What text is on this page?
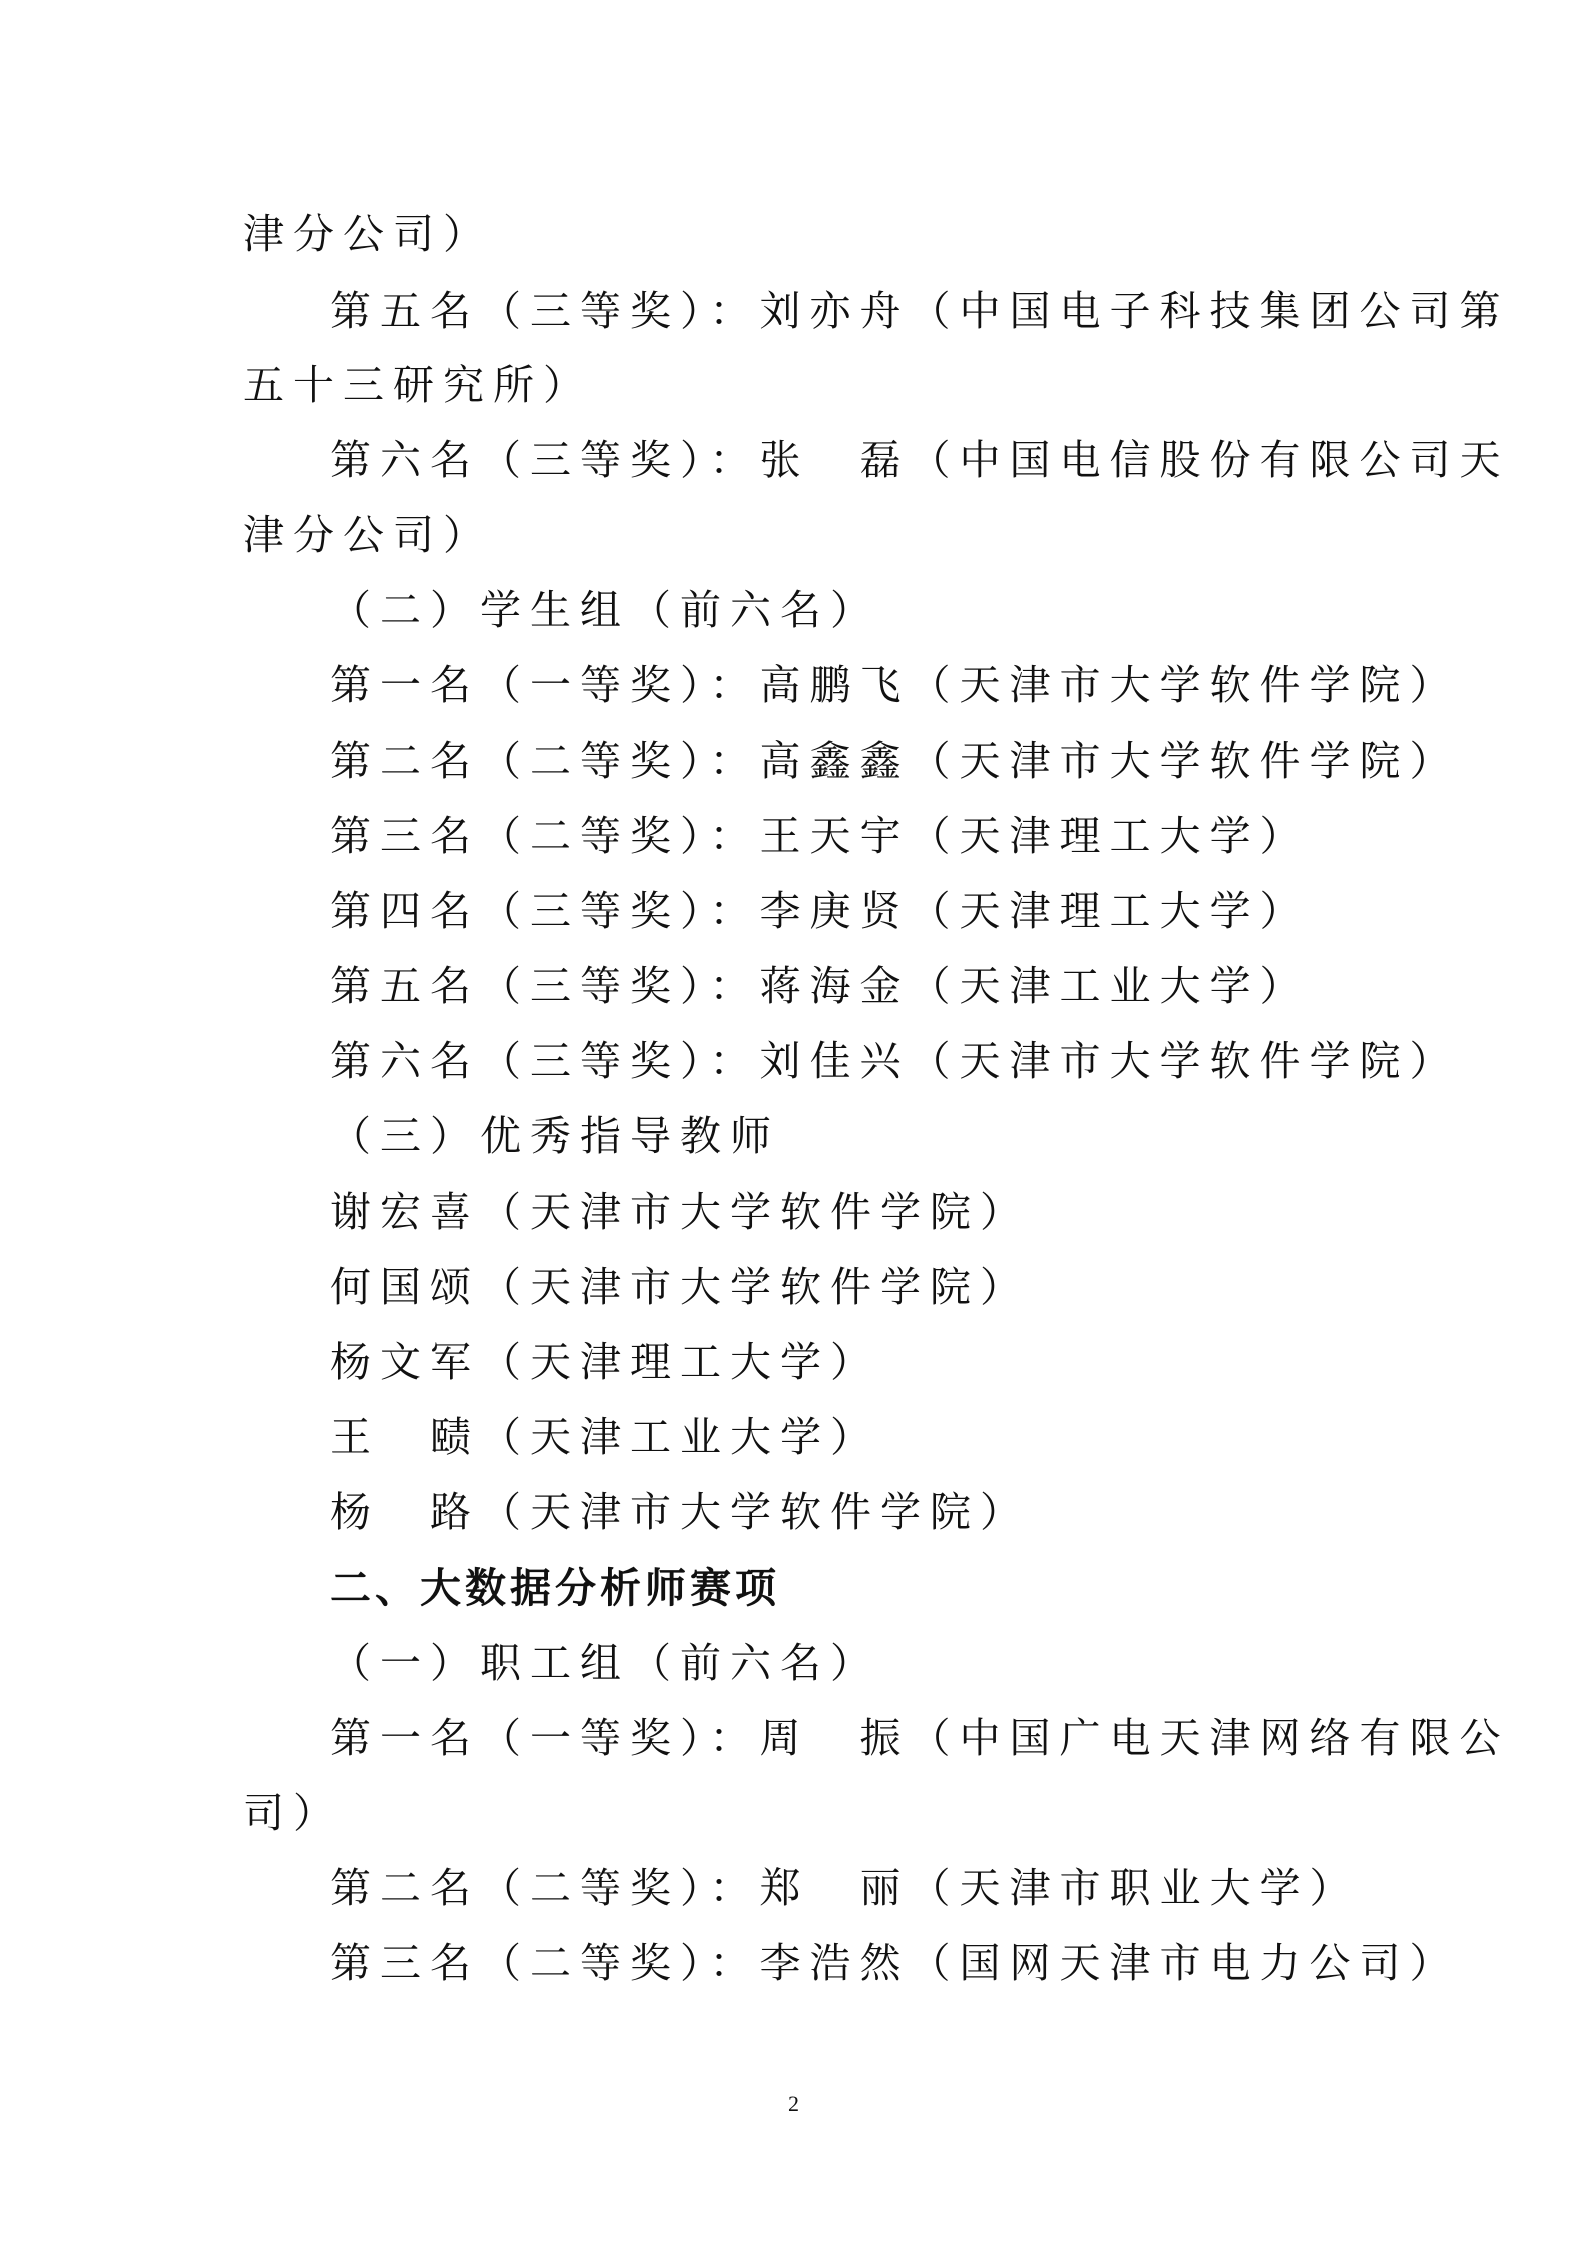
津分公司）
第五名（三等奖）：刘亦舟（中国电子科技集团公司第
五十三研究所）
第六名（三等奖）：张　磊（中国电信股份有限公司天
津分公司）
（二）学生组（前六名）
第一名（一等奖）：高鹏飞（天津市大学软件学院）
第二名（二等奖）：高鑫鑫（天津市大学软件学院）
第三名（二等奖）：王天宇（天津理工大学）
第四名（三等奖）：李庚贤（天津理工大学）
第五名（三等奖）：蒋海金（天津工业大学）
第六名（三等奖）：刘佳兴（天津市大学软件学院）
（三）优秀指导教师
谢宏喜（天津市大学软件学院）
何国颂（天津市大学软件学院）
杨文军（天津理工大学）
王　赜（天津工业大学）
杨　路（天津市大学软件学院）
二、大数据分析师赛项
（一）职工组（前六名）
第一名（一等奖）：周　振（中国广电天津网络有限公
司）
第二名（二等奖）：郑　丽（天津市职业大学）
第三名（二等奖）：李浩然（国网天津市电力公司）
2
